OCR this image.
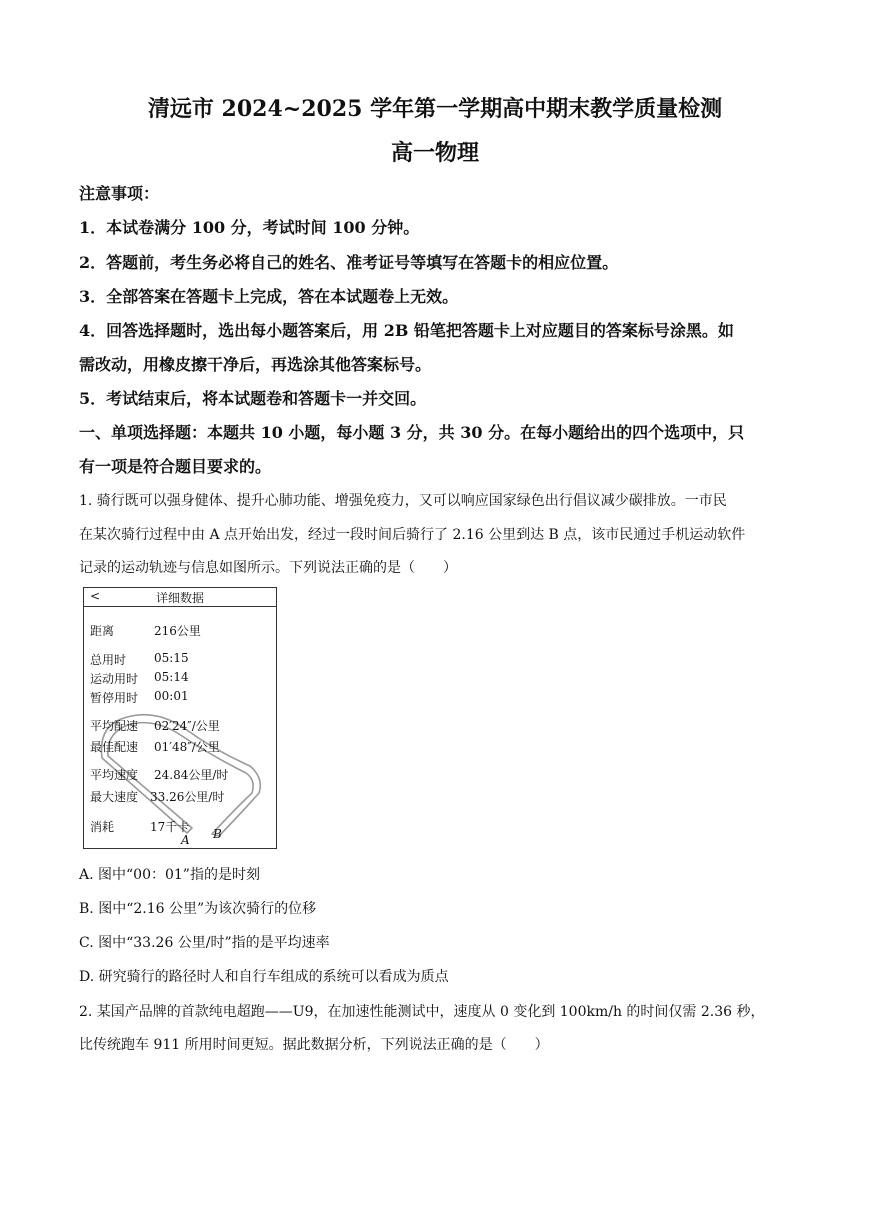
清远市 2024~2025 学年第一学期高中期末教学质量检测
高一物理
注意事项：
1．本试卷满分 100 分，考试时间 100 分钟。
2．答题前，考生务必将自己的姓名、准考证号等填写在答题卡的相应位置。
3．全部答案在答题卡上完成，答在本试题卷上无效。
4．回答选择题时，选出每小题答案后，用 2B 铅笔把答题卡上对应题目的答案标号涂黑。如
需改动，用橡皮擦干净后，再选涂其他答案标号。
5．考试结束后，将本试题卷和答题卡一并交回。
一、单项选择题：本题共 10 小题，每小题 3 分，共 30 分。在每小题给出的四个选项中，只
有一项是符合题目要求的。
1. 骑行既可以强身健体、提升心肺功能、增强免疫力，又可以响应国家绿色出行倡议减少碳排放。一市民
在某次骑行过程中由 A 点开始出发，经过一段时间后骑行了 2.16 公里到达 B 点，该市民通过手机运动软件
记录的运动轨迹与信息如图所示。下列说法正确的是（　　）
<	详细数据
距离	216公里
总用时 05:15
运动用时 05:14
暂停用时 00:01
平均配速 02′24″/公里
最佳配速 01′48″/公里
平均速度 24.84公里/时
最大速度 33.26公里/时
消耗	17千卡
A B
A. 图中“00：01”指的是时刻
B. 图中“2.16 公里”为该次骑行的位移
C. 图中“33.26 公里/时”指的是平均速率
D. 研究骑行的路径时人和自行车组成的系统可以看成为质点
2. 某国产品牌的首款纯电超跑——U9，在加速性能测试中，速度从 0 变化到 100km/h 的时间仅需 2.36 秒，
比传统跑车 911 所用时间更短。据此数据分析，下列说法正确的是（　　）
